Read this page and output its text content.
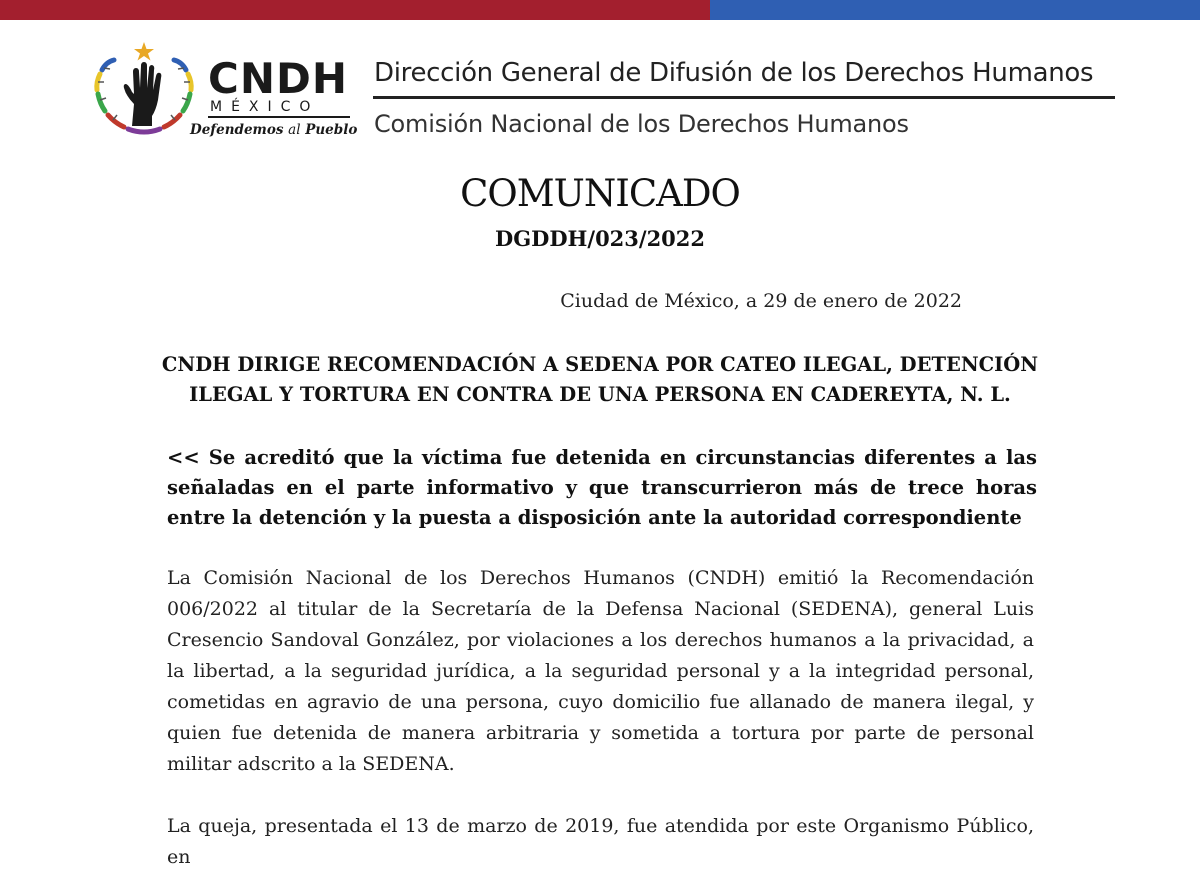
CNDH
MÉXICO
Defendemos al Pueblo
Dirección General de Difusión de los Derechos Humanos
Comisión Nacional de los Derechos Humanos
COMUNICADO
DGDDH/023/2022
Ciudad de México, a 29 de enero de 2022
CNDH DIRIGE RECOMENDACIÓN A SEDENA POR CATEO ILEGAL, DETENCIÓN ILEGAL Y TORTURA EN CONTRA DE UNA PERSONA EN CADEREYTA, N. L.
<< Se acreditó que la víctima fue detenida en circunstancias diferentes a las señaladas en el parte informativo y que transcurrieron más de trece horas entre la detención y la puesta a disposición ante la autoridad correspondiente
La Comisión Nacional de los Derechos Humanos (CNDH) emitió la Recomendación 006/2022 al titular de la Secretaría de la Defensa Nacional (SEDENA), general Luis Cresencio Sandoval González, por violaciones a los derechos humanos a la privacidad, a la libertad, a la seguridad jurídica, a la seguridad personal y a la integridad personal, cometidas en agravio de una persona, cuyo domicilio fue allanado de manera ilegal, y quien fue detenida de manera arbitraria y sometida a tortura por parte de personal militar adscrito a la SEDENA.
La queja, presentada el 13 de marzo de 2019, fue atendida por este Organismo Público, en
